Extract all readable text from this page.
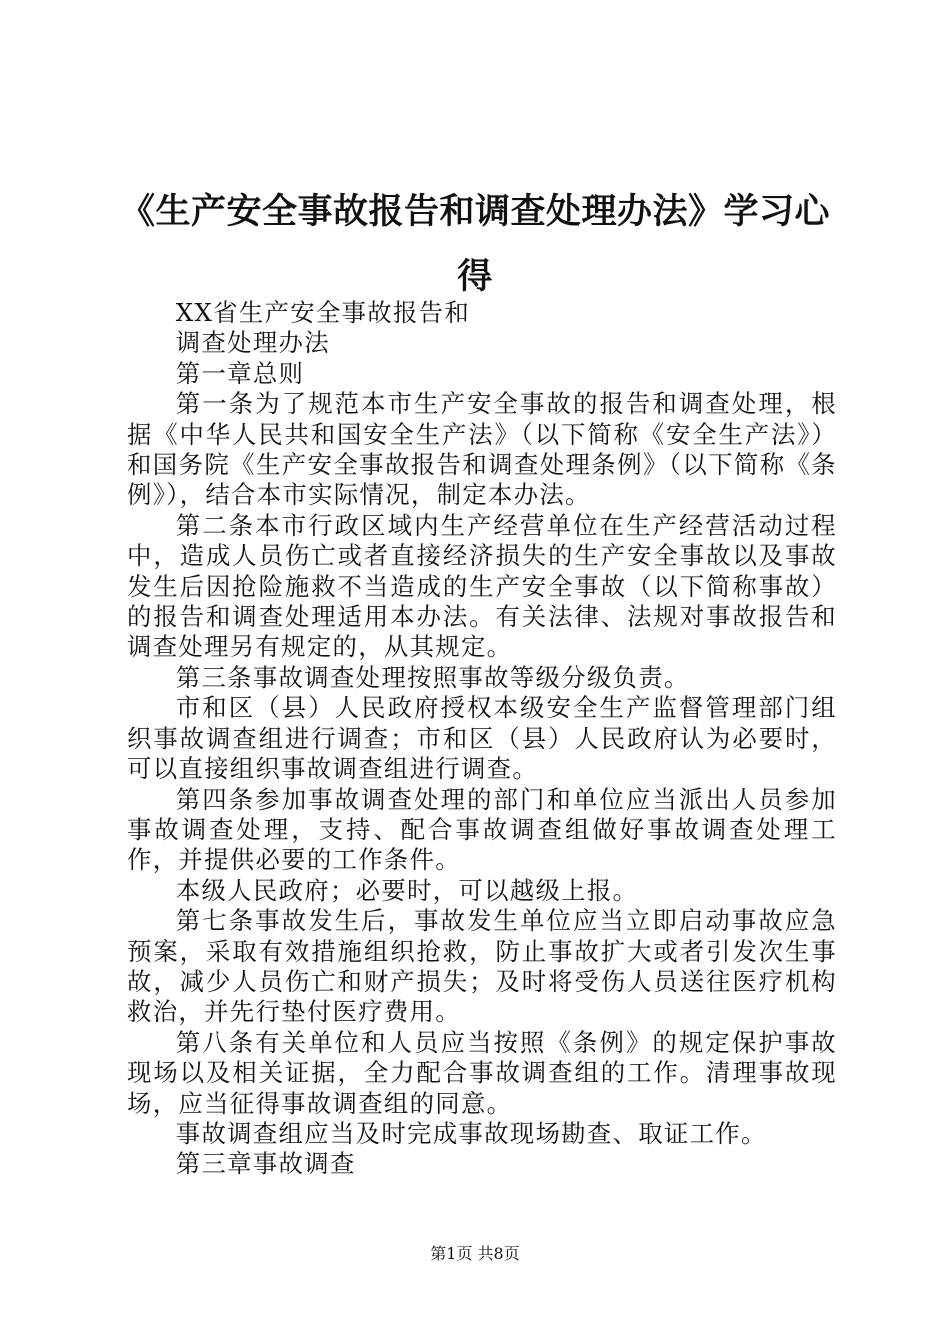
《生产安全事故报告和调查处理办法》学习心得

XX省生产安全事故报告和

调查处理办法

第一章总则

第一条为了规范本市生产安全事故的报告和调查处理，根据《中华人民共和国安全生产法》（以下简称《安全生产法》）和国务院《生产安全事故报告和调查处理条例》（以下简称《条例》），结合本市实际情况，制定本办法。

第二条本市行政区域内生产经营单位在生产经营活动过程中，造成人员伤亡或者直接经济损失的生产安全事故以及事故发生后因抢险施救不当造成的生产安全事故（以下简称事故）的报告和调查处理适用本办法。有关法律、法规对事故报告和调查处理另有规定的，从其规定。

第三条事故调查处理按照事故等级分级负责。

市和区（县）人民政府授权本级安全生产监督管理部门组织事故调查组进行调查；市和区（县）人民政府认为必要时，可以直接组织事故调查组进行调查。

第四条参加事故调查处理的部门和单位应当派出人员参加事故调查处理，支持、配合事故调查组做好事故调查处理工作，并提供必要的工作条件。

本级人民政府；必要时，可以越级上报。

第七条事故发生后，事故发生单位应当立即启动事故应急预案，采取有效措施组织抢救，防止事故扩大或者引发次生事故，减少人员伤亡和财产损失；及时将受伤人员送往医疗机构救治，并先行垫付医疗费用。

第八条有关单位和人员应当按照《条例》的规定保护事故现场以及相关证据，全力配合事故调查组的工作。清理事故现场，应当征得事故调查组的同意。

事故调查组应当及时完成事故现场勘查、取证工作。

第三章事故调查

第1页 共8页
